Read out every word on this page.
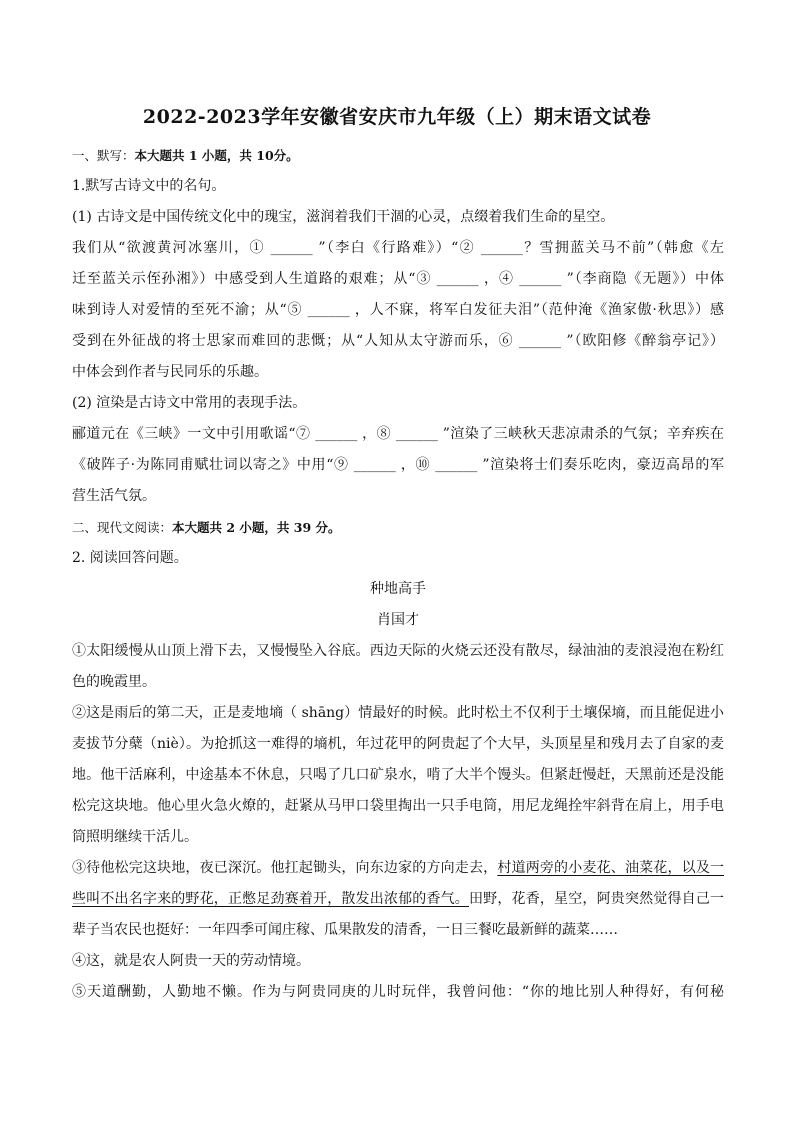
2022-2023学年安徽省安庆市九年级（上）期末语文试卷
一、默写：本大题共 1 小题，共 10分。
1.默写古诗文中的名句。
(1) 古诗文是中国传统文化中的瑰宝，滋润着我们干涸的心灵，点缀着我们生命的星空。
我们从“欲渡黄河冰塞川，① ______ ”（李白《行路难》）“② ______？雪拥蓝关马不前”（韩愈《左
迁至蓝关示侄孙湘》）中感受到人生道路的艰难；从“③ ______ ，④ ______ ”（李商隐《无题》）中体
味到诗人对爱情的至死不渝；从“⑤ ______ ，人不寐，将军白发征夫泪”（范仲淹《渔家傲·秋思》）感
受到在外征战的将士思家而难回的悲慨；从“人知从太守游而乐，⑥ ______ ”（欧阳修《醉翁亭记》）
中体会到作者与民同乐的乐趣。
(2) 渲染是古诗文中常用的表现手法。
郦道元在《三峡》一文中引用歌谣“⑦ ______ ，⑧ ______ ”渲染了三峡秋天悲凉肃杀的气氛；辛弃疾在
《破阵子·为陈同甫赋壮词以寄之》中用“⑨ ______ ，⑩ ______ ”渲染将士们奏乐吃肉，豪迈高昂的军
营生活气氛。
二、现代文阅读：本大题共 2 小题，共 39 分。
2. 阅读回答问题。
种地高手
肖国才
①太阳缓慢从山顶上滑下去，又慢慢坠入谷底。西边天际的火烧云还没有散尽，绿油油的麦浪浸泡在粉红
色的晚霞里。
②这是雨后的第二天，正是麦地墒（ shāng）情最好的时候。此时松土不仅利于土壤保墒，而且能促进小
麦拔节分蘖（niè）。为抢抓这一难得的墒机，年过花甲的阿贵起了个大早，头顶星星和残月去了自家的麦
地。他干活麻利，中途基本不休息，只喝了几口矿泉水，啃了大半个馒头。但紧赶慢赶，天黑前还是没能
松完这块地。他心里火急火燎的，赶紧从马甲口袋里掏出一只手电筒，用尼龙绳拴牢斜背在肩上，用手电
筒照明继续干活儿。
③待他松完这块地，夜已深沉。他扛起锄头，向东边家的方向走去，村道两旁的小麦花、油菜花，以及一
些叫不出名字来的野花，正憋足劲赛着开，散发出浓郁的香气。田野，花香，星空，阿贵突然觉得自己一
辈子当农民也挺好：一年四季可闻庄稼、瓜果散发的清香，一日三餐吃最新鲜的蔬菜……
④这，就是农人阿贵一天的劳动情境。
⑤天道酬勤，人勤地不懒。作为与阿贵同庚的儿时玩伴，我曾问他：“你的地比别人种得好，有何秘
